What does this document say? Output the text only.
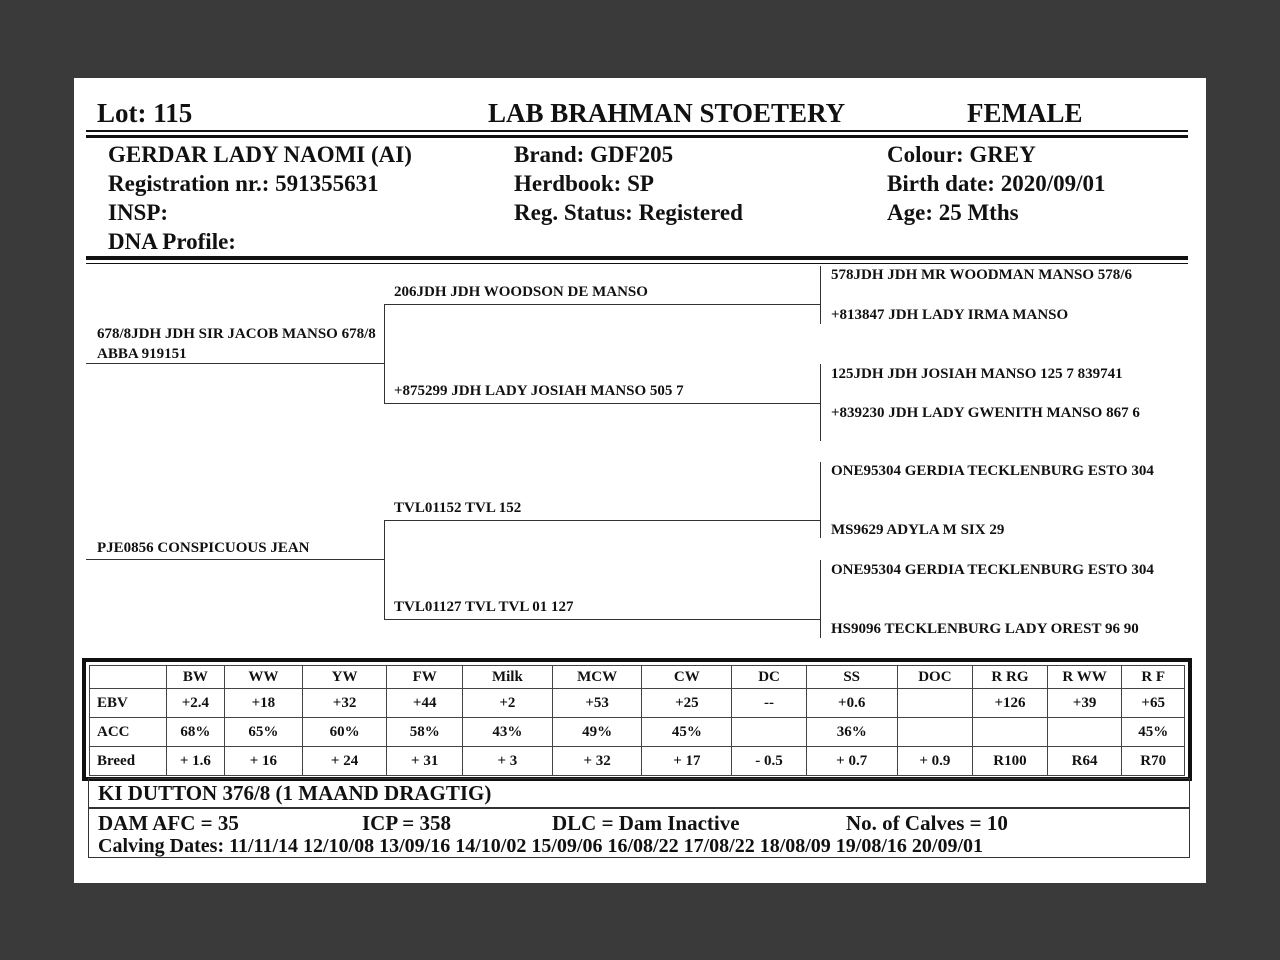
Lot: 115	LAB BRAHMAN STOETERY	FEMALE
GERDAR LADY NAOMI (AI)
Registration nr.: 591355631
INSP:
DNA Profile:
Brand: GDF205
Herdbook: SP
Reg. Status: Registered
Colour: GREY
Birth date: 2020/09/01
Age: 25 Mths
678/8JDH JDH SIR JACOB MANSO 678/8 ABBA 919151
PJE0856 CONSPICUOUS JEAN
206JDH JDH WOODSON DE MANSO
+875299 JDH LADY JOSIAH MANSO 505 7
TVL01152 TVL 152
TVL01127 TVL TVL 01 127
578JDH JDH MR WOODMAN MANSO 578/6
+813847 JDH LADY IRMA MANSO
125JDH JDH JOSIAH MANSO 125 7 839741
+839230 JDH LADY GWENITH MANSO 867 6
ONE95304 GERDIA TECKLENBURG ESTO 304
MS9629 ADYLA M SIX 29
ONE95304 GERDIA TECKLENBURG ESTO 304
HS9096 TECKLENBURG LADY OREST 96 90
	BW	WW	YW	FW	Milk	MCW	CW	DC	SS	DOC	R RG	R WW	R F
EBV	+2.4	+18	+32	+44	+2	+53	+25	--	+0.6		+126	+39	+65
ACC	68%	65%	60%	58%	43%	49%	45%		36%				45%
Breed	+ 1.6	+ 16	+ 24	+ 31	+ 3	+ 32	+ 17	- 0.5	+ 0.7	+ 0.9	R100	R64	R70
KI DUTTON 376/8 (1 MAAND DRAGTIG)
DAM AFC = 35	ICP = 358	DLC = Dam Inactive	No. of Calves = 10
Calving Dates: 11/11/14 12/10/08 13/09/16 14/10/02 15/09/06 16/08/22 17/08/22 18/08/09 19/08/16 20/09/01
